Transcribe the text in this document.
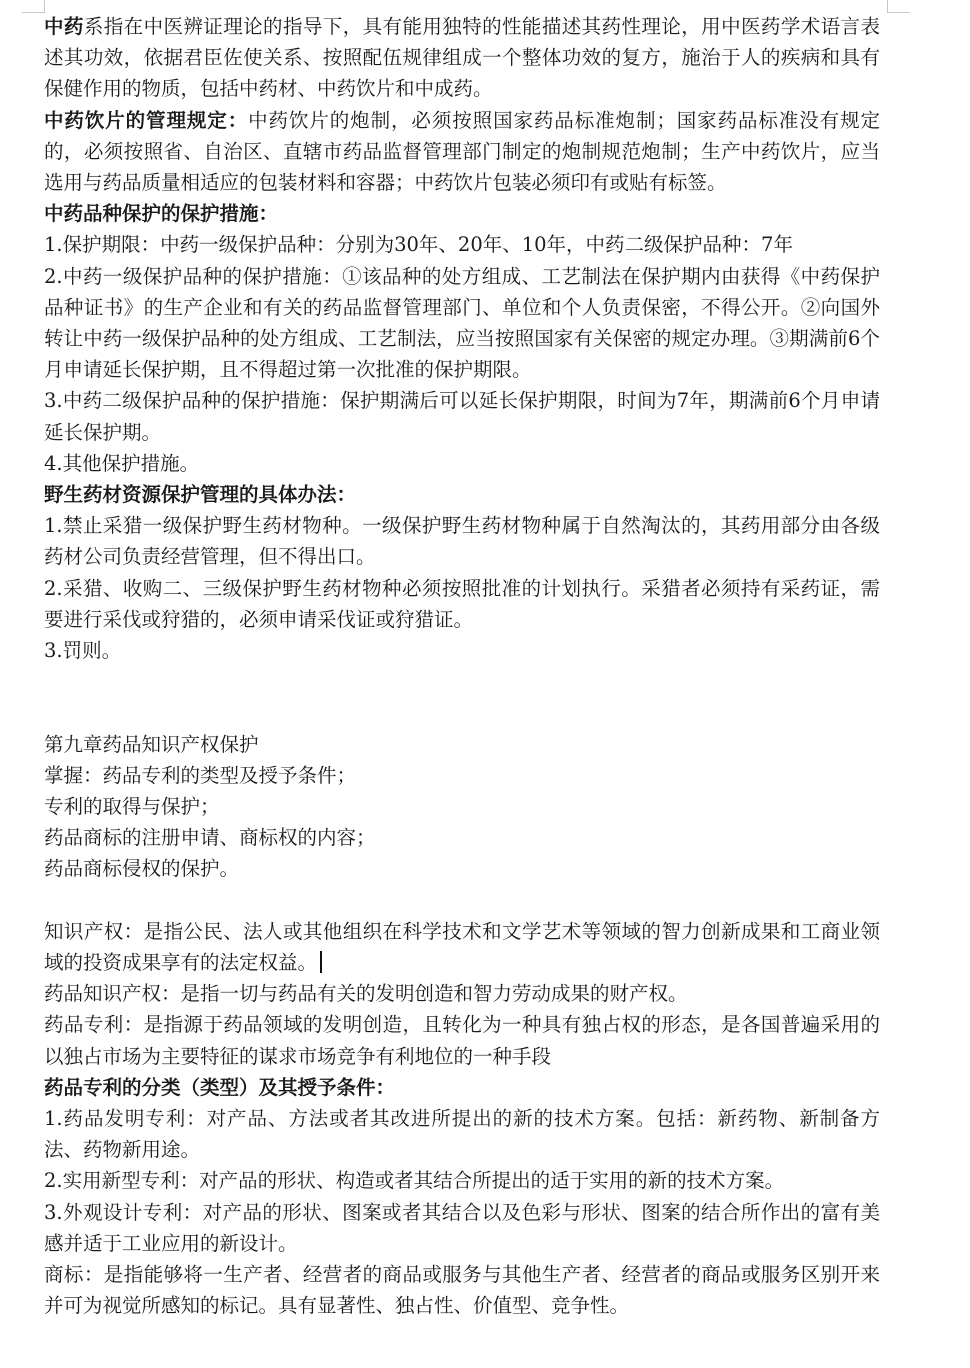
中药系指在中医辨证理论的指导下，具有能用独特的性能描述其药性理论，用中医药学术语言表述其功效，依据君臣佐使关系、按照配伍规律组成一个整体功效的复方，施治于人的疾病和具有保健作用的物质，包括中药材、中药饮片和中成药。

中药饮片的管理规定：中药饮片的炮制，必须按照国家药品标准炮制；国家药品标准没有规定的，必须按照省、自治区、直辖市药品监督管理部门制定的炮制规范炮制；生产中药饮片，应当选用与药品质量相适应的包装材料和容器；中药饮片包装必须印有或贴有标签。

中药品种保护的保护措施：

1.保护期限：中药一级保护品种：分别为30年、20年、10年，中药二级保护品种：7年

2.中药一级保护品种的保护措施：①该品种的处方组成、工艺制法在保护期内由获得《中药保护品种证书》的生产企业和有关的药品监督管理部门、单位和个人负责保密，不得公开。②向国外转让中药一级保护品种的处方组成、工艺制法，应当按照国家有关保密的规定办理。③期满前6个月申请延长保护期，且不得超过第一次批准的保护期限。

3.中药二级保护品种的保护措施：保护期满后可以延长保护期限，时间为7年，期满前6个月申请延长保护期。

4.其他保护措施。

野生药材资源保护管理的具体办法：

1.禁止采猎一级保护野生药材物种。一级保护野生药材物种属于自然淘汰的，其药用部分由各级药材公司负责经营管理，但不得出口。

2.采猎、收购二、三级保护野生药材物种必须按照批准的计划执行。采猎者必须持有采药证，需要进行采伐或狩猎的，必须申请采伐证或狩猎证。

3.罚则。

第九章药品知识产权保护

掌握：药品专利的类型及授予条件；

专利的取得与保护；

药品商标的注册申请、商标权的内容；

药品商标侵权的保护。

知识产权：是指公民、法人或其他组织在科学技术和文学艺术等领域的智力创新成果和工商业领域的投资成果享有的法定权益。

药品知识产权：是指一切与药品有关的发明创造和智力劳动成果的财产权。

药品专利：是指源于药品领域的发明创造，且转化为一种具有独占权的形态，是各国普遍采用的以独占市场为主要特征的谋求市场竞争有利地位的一种手段

药品专利的分类（类型）及其授予条件：

1.药品发明专利：对产品、方法或者其改进所提出的新的技术方案。包括：新药物、新制备方法、药物新用途。

2.实用新型专利：对产品的形状、构造或者其结合所提出的适于实用的新的技术方案。

3.外观设计专利：对产品的形状、图案或者其结合以及色彩与形状、图案的结合所作出的富有美感并适于工业应用的新设计。

商标：是指能够将一生产者、经营者的商品或服务与其他生产者、经营者的商品或服务区别开来并可为视觉所感知的标记。具有显著性、独占性、价值型、竞争性。
